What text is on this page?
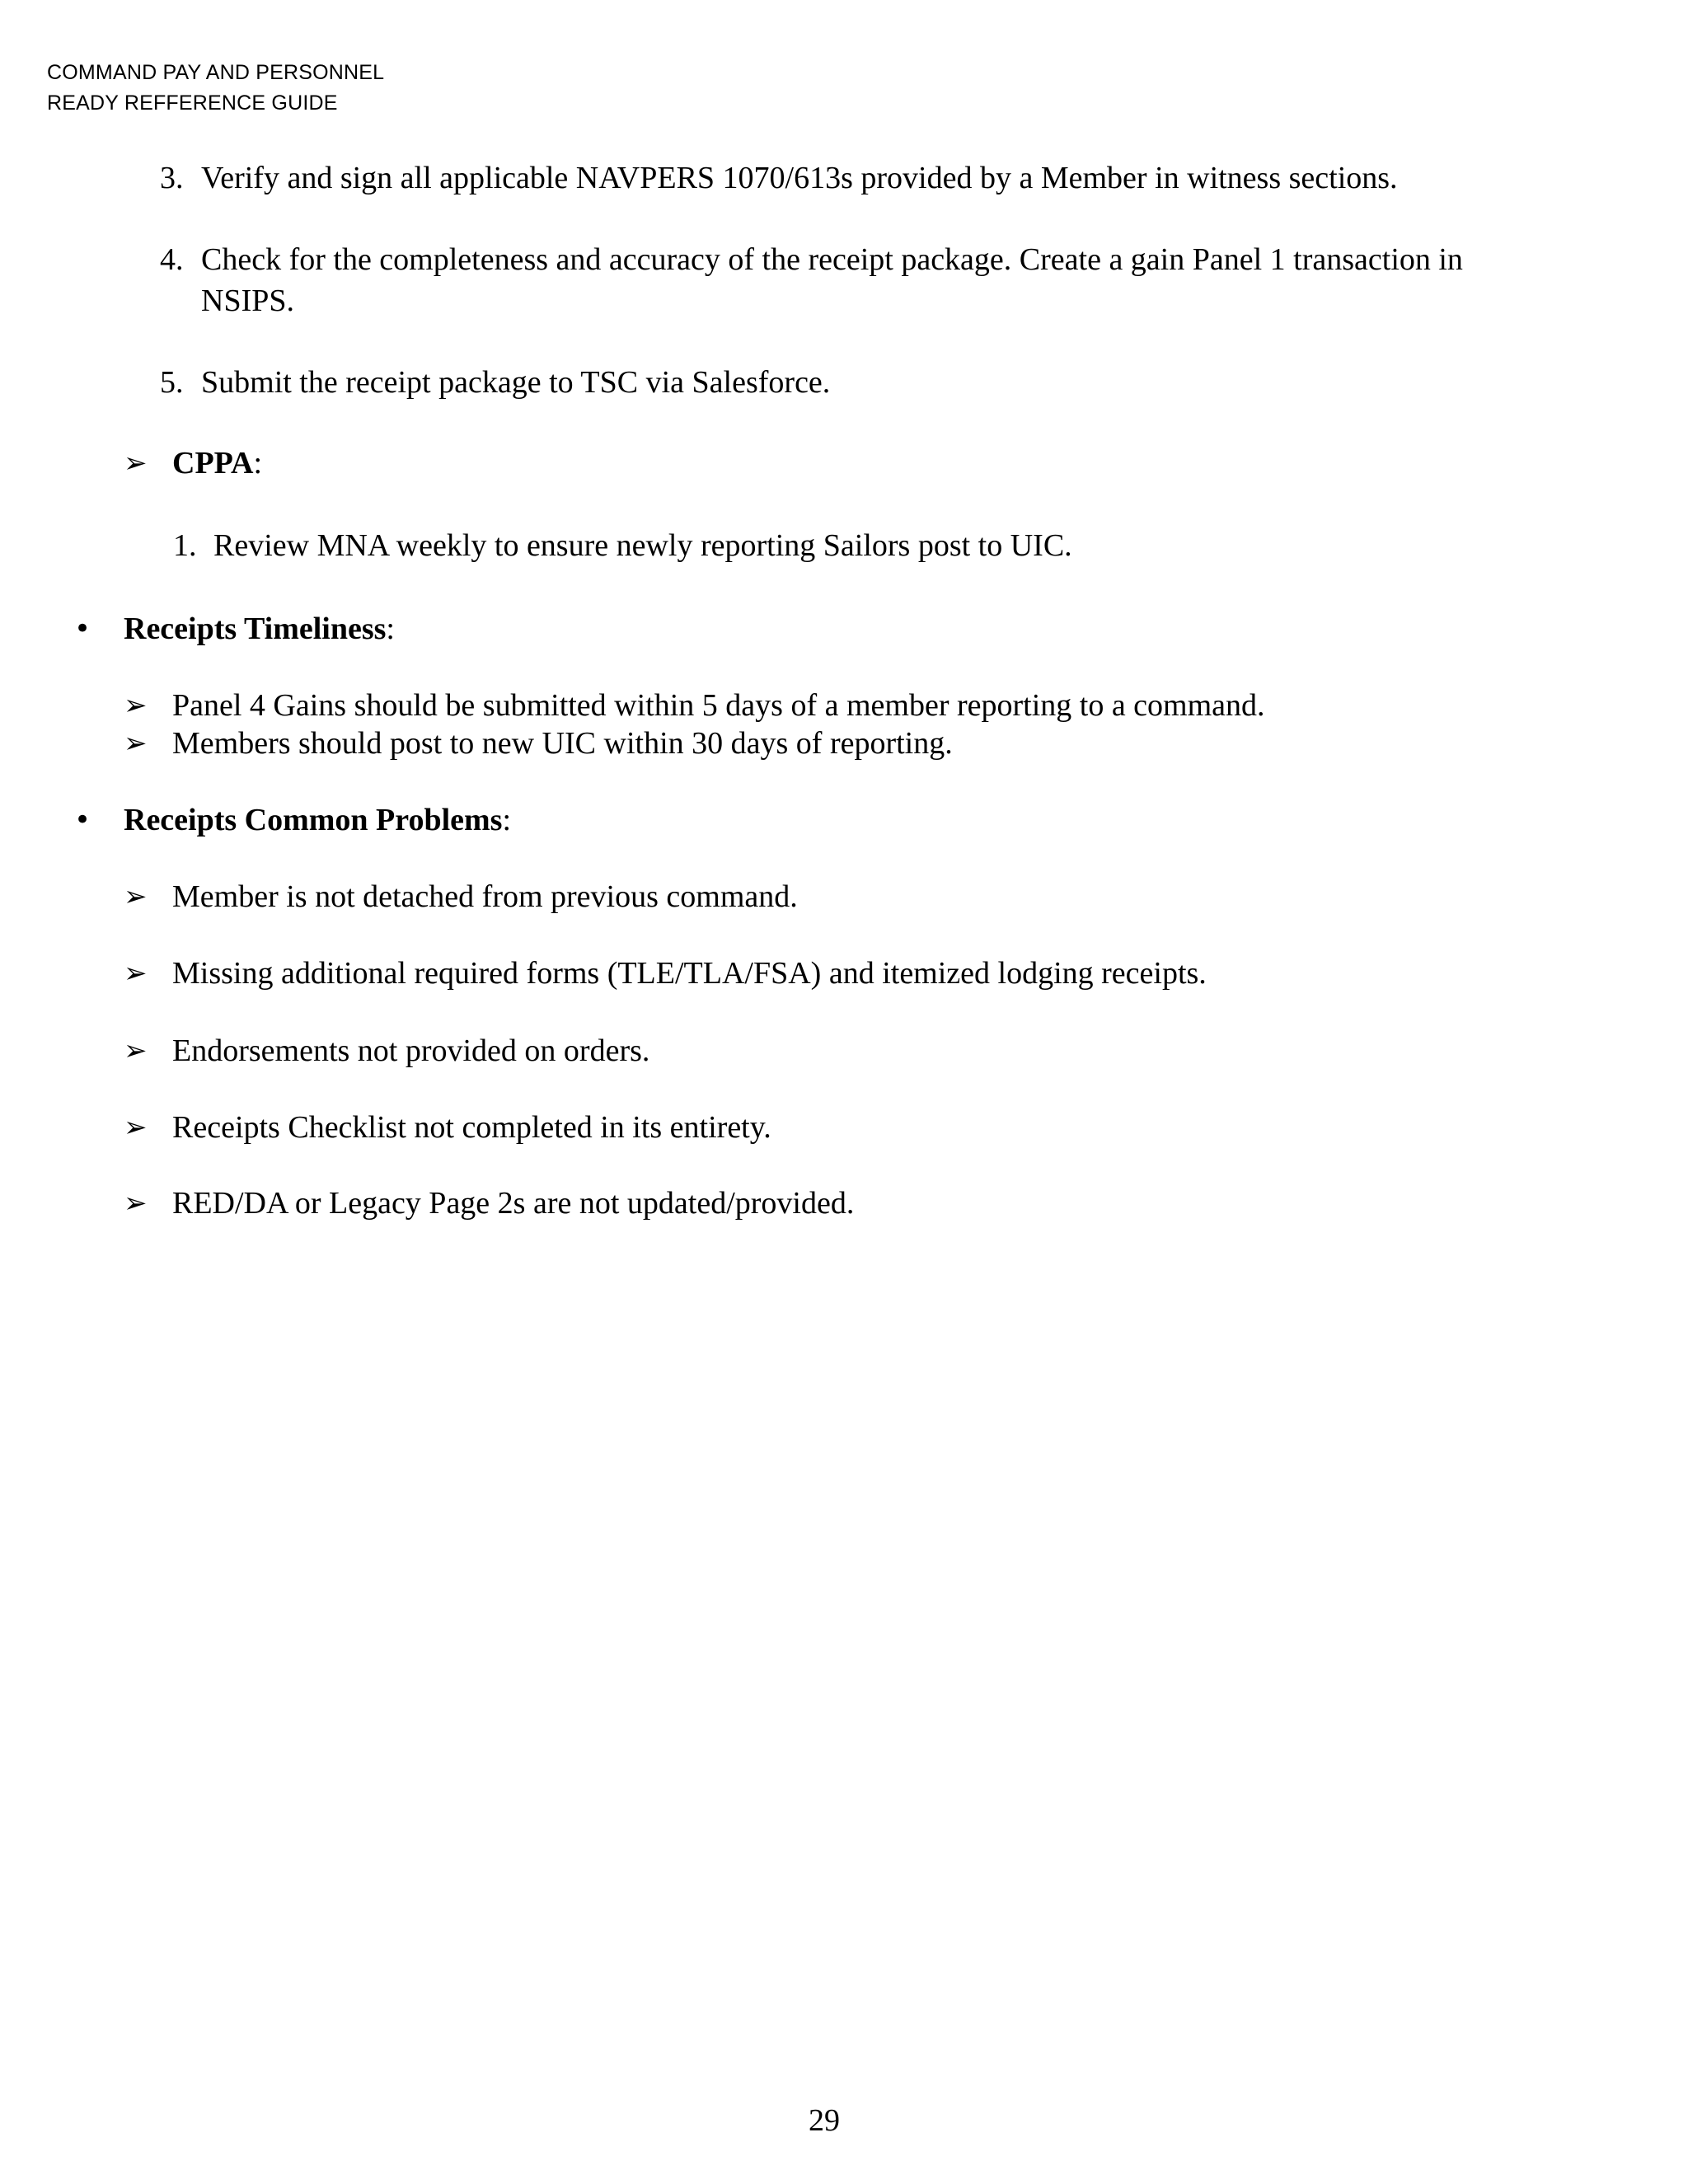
COMMAND PAY AND PERSONNEL
READY REFFERENCE GUIDE
3. Verify and sign all applicable NAVPERS 1070/613s provided by a Member in witness sections.
4. Check for the completeness and accuracy of the receipt package. Create a gain Panel 1 transaction in
NSIPS.
5. Submit the receipt package to TSC via Salesforce.
➢ CPPA:
1. Review MNA weekly to ensure newly reporting Sailors post to UIC.
• Receipts Timeliness:
➢ Panel 4 Gains should be submitted within 5 days of a member reporting to a command.
➢ Members should post to new UIC within 30 days of reporting.
• Receipts Common Problems:
➢ Member is not detached from previous command.
➢ Missing additional required forms (TLE/TLA/FSA) and itemized lodging receipts.
➢ Endorsements not provided on orders.
➢ Receipts Checklist not completed in its entirety.
➢ RED/DA or Legacy Page 2s are not updated/provided.
29
